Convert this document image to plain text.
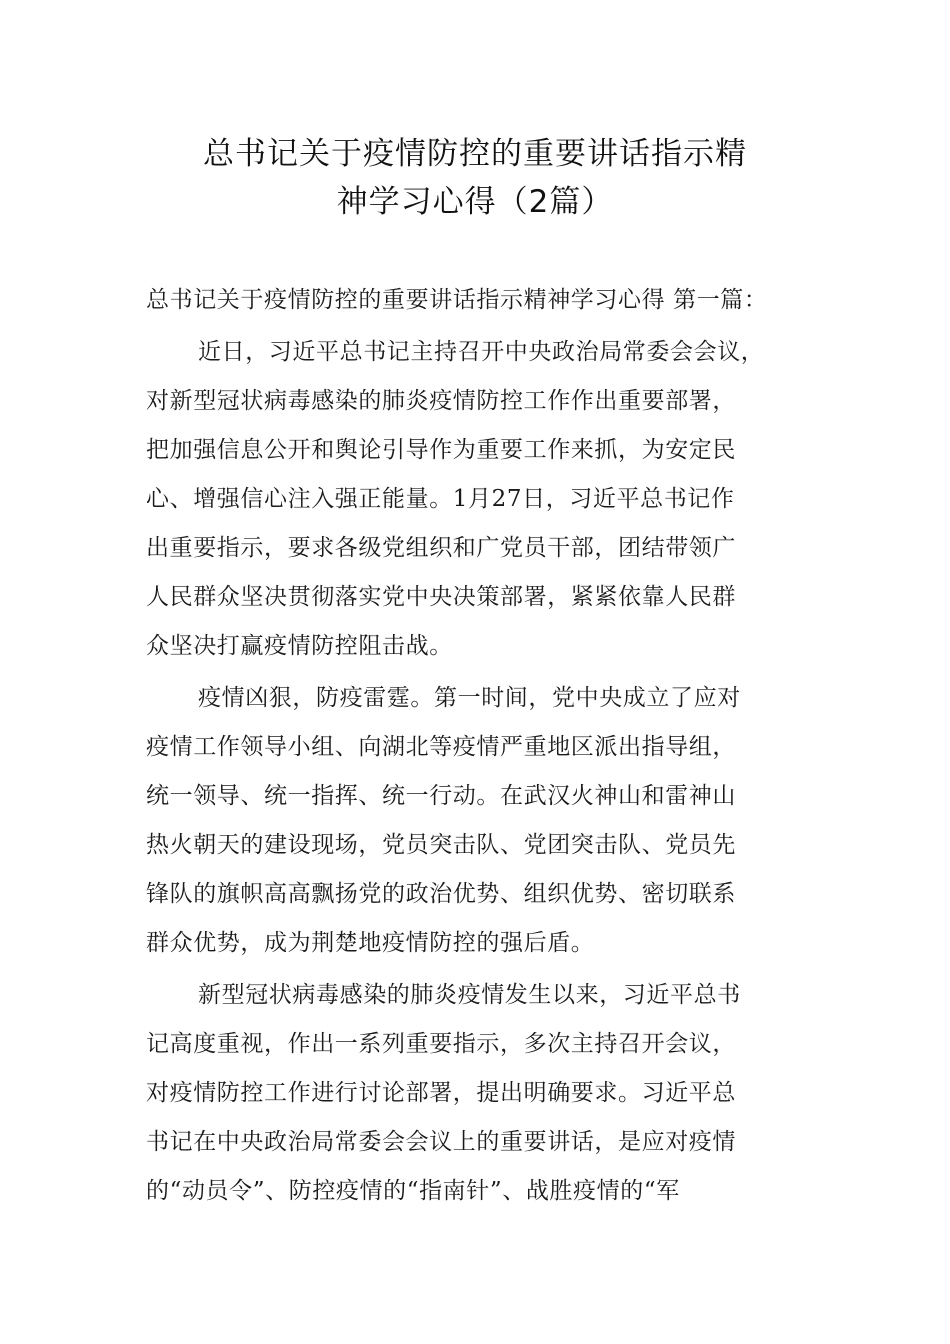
总书记关于疫情防控的重要讲话指示精
神学习心得（2篇）
总书记关于疫情防控的重要讲话指示精神学习心得 第一篇：
近日，习近平总书记主持召开中央政治局常委会会议，
对新型冠状病毒感染的肺炎疫情防控工作作出重要部署，
把加强信息公开和舆论引导作为重要工作来抓，为安定民
心、增强信心注入强正能量。1月27日，习近平总书记作
出重要指示，要求各级党组织和广党员干部，团结带领广
人民群众坚决贯彻落实党中央决策部署，紧紧依靠人民群
众坚决打赢疫情防控阻击战。
疫情凶狠，防疫雷霆。第一时间，党中央成立了应对
疫情工作领导小组、向湖北等疫情严重地区派出指导组，
统一领导、统一指挥、统一行动。在武汉火神山和雷神山
热火朝天的建设现场，党员突击队、党团突击队、党员先
锋队的旗帜高高飘扬党的政治优势、组织优势、密切联系
群众优势，成为荆楚地疫情防控的强后盾。
新型冠状病毒感染的肺炎疫情发生以来，习近平总书
记高度重视，作出一系列重要指示，多次主持召开会议，
对疫情防控工作进行讨论部署，提出明确要求。习近平总
书记在中央政治局常委会会议上的重要讲话，是应对疫情
的“动员令”、防控疫情的“指南针”、战胜疫情的“军
